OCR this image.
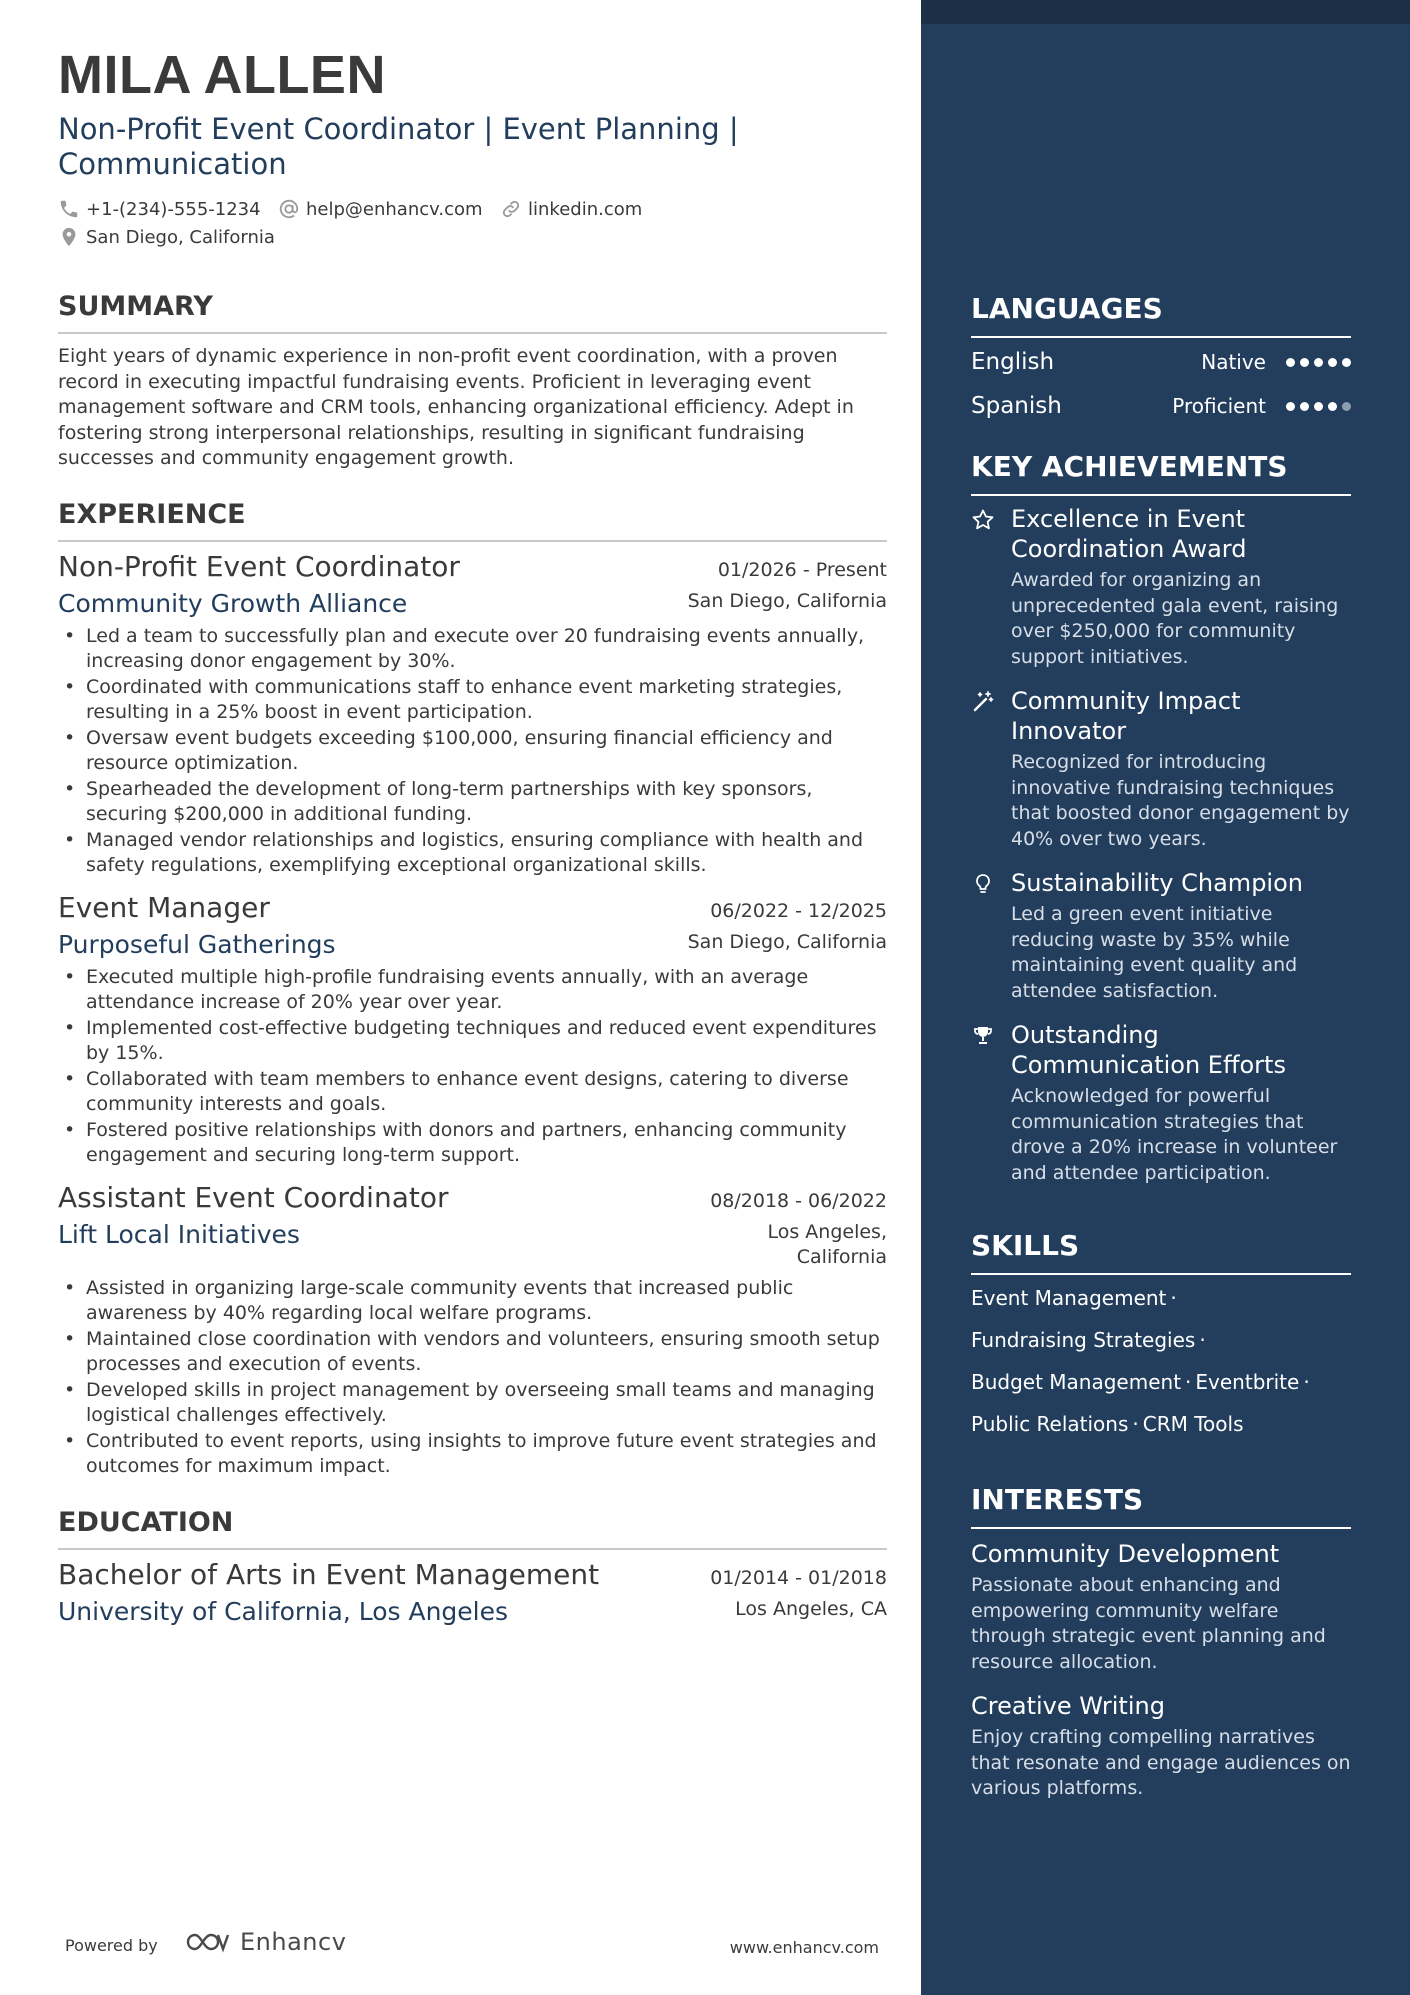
MILA ALLEN
Non-Profit Event Coordinator | Event Planning | Communication
+1-(234)-555-1234	help@enhancv.com	linkedin.com
San Diego, California
SUMMARY

Eight years of dynamic experience in non-profit event coordination, with a proven record in executing impactful fundraising events. Proficient in leveraging event management software and CRM tools, enhancing organizational efficiency. Adept in fostering strong interpersonal relationships, resulting in significant fundraising successes and community engagement growth.

EXPERIENCE
Non-Profit Event Coordinator	01/2026 - Present
Community Growth Alliance	San Diego, California
• Led a team to successfully plan and execute over 20 fundraising events annually, increasing donor engagement by 30%.
• Coordinated with communications staff to enhance event marketing strategies, resulting in a 25% boost in event participation.
• Oversaw event budgets exceeding $100,000, ensuring financial efficiency and resource optimization.
• Spearheaded the development of long-term partnerships with key sponsors, securing $200,000 in additional funding.
• Managed vendor relationships and logistics, ensuring compliance with health and safety regulations, exemplifying exceptional organizational skills.
Event Manager	06/2022 - 12/2025
Purposeful Gatherings	San Diego, California
• Executed multiple high-profile fundraising events annually, with an average attendance increase of 20% year over year.
• Implemented cost-effective budgeting techniques and reduced event expenditures by 15%.
• Collaborated with team members to enhance event designs, catering to diverse community interests and goals.
• Fostered positive relationships with donors and partners, enhancing community engagement and securing long-term support.
Assistant Event Coordinator	08/2018 - 06/2022
Lift Local Initiatives	Los Angeles,
California
• Assisted in organizing large-scale community events that increased public awareness by 40% regarding local welfare programs.
• Maintained close coordination with vendors and volunteers, ensuring smooth setup processes and execution of events.
• Developed skills in project management by overseeing small teams and managing logistical challenges effectively.
• Contributed to event reports, using insights to improve future event strategies and outcomes for maximum impact.
EDUCATION
Bachelor of Arts in Event Management	01/2014 - 01/2018
University of California, Los Angeles	Los Angeles, CA
Powered by	Enhancv	www.enhancv.com
LANGUAGES
English	Native
Spanish	Proficient
KEY ACHIEVEMENTS
Excellence in Event Coordination Award
Awarded for organizing an unprecedented gala event, raising over $250,000 for community support initiatives.
Community Impact Innovator
Recognized for introducing innovative fundraising techniques that boosted donor engagement by 40% over two years.
Sustainability Champion
Led a green event initiative reducing waste by 35% while maintaining event quality and attendee satisfaction.
Outstanding Communication Efforts
Acknowledged for powerful communication strategies that drove a 20% increase in volunteer and attendee participation.
SKILLS
Event Management ·
Fundraising Strategies ·
Budget Management · Eventbrite ·
Public Relations · CRM Tools
INTERESTS
Community Development
Passionate about enhancing and empowering community welfare through strategic event planning and resource allocation.
Creative Writing
Enjoy crafting compelling narratives that resonate and engage audiences on various platforms.
